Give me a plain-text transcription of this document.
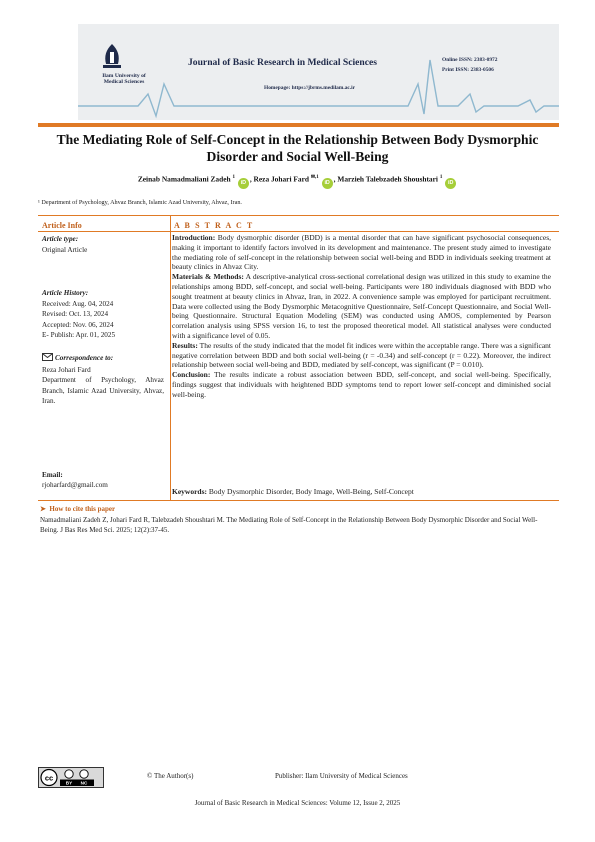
Ilam University of Medical Sciences
Journal of Basic Research in Medical Sciences
Homepage: https://jbrms.medilam.ac.ir
Online ISSN: 2383-0972
Print ISSN: 2383-0506
The Mediating Role of Self-Concept in the Relationship Between Body Dysmorphic Disorder and Social Well-Being
Zeinab Namadmaliani Zadeh $^1$ iD , Reza Johari Fard $^{✉,1}$ iD , Marzieh Talebzadeh Shoushtari $^1$ iD
¹ Department of Psychology, Ahvaz Branch, Islamic Azad University, Ahvaz, Iran.
Article Info	A B S T R A C T
Article type:
Original Article
Article History:
Received: Aug. 04, 2024
Revised: Oct. 13, 2024
Accepted: Nov. 06, 2024
E- Publish: Apr. 01, 2025
Correspondence to:
Reza Johari Fard
Department of Psychology, Ahvaz Branch, Islamic Azad University, Ahvaz, Iran.
Email:
rjoharfard@gmail.com

Introduction: Body dysmorphic disorder (BDD) is a mental disorder that can have significant psychosocial consequences, making it important to identify factors involved in its development and maintenance. The present study aimed to investigate the mediating role of self-concept in the relationship between social well-being and BDD in individuals seeking treatment at beauty clinics in Ahvaz City.

Materials & Methods: A descriptive-analytical cross-sectional correlational design was utilized in this study to examine the relationships among BDD, self-concept, and social well-being. Participants were 180 individuals diagnosed with BDD who sought treatment at beauty clinics in Ahvaz, Iran, in 2022. A convenience sample was employed for participant recruitment. Data were collected using the Body Dysmorphic Metacognitive Questionnaire, Self-Concept Questionnaire, and Social Well-being Questionnaire. Structural Equation Modeling (SEM) was conducted using AMOS, complemented by Pearson correlation analysis using SPSS version 16, to test the proposed theoretical model. All statistical analyses were conducted with a significance level of 0.05.

Results: The results of the study indicated that the model fit indices were within the acceptable range. There was a significant negative correlation between BDD and both social well-being (r = -0.34) and self-concept (r = 0.22). Moreover, the indirect relationship between social well-being and BDD, mediated by self-concept, was significant (P = 0.010).

Conclusion: The results indicate a robust association between BDD, self-concept, and social well-being. Specifically, findings suggest that individuals with heightened BDD symptoms tend to report lower self-concept and diminished social well-being.

Keywords: Body Dysmorphic Disorder, Body Image, Well-Being, Self-Concept
➤ How to cite this paper
Namadmaliani Zadeh Z, Johari Fard R, Talebzadeh Shoushtari M. The Mediating Role of Self-Concept in the Relationship Between Body Dysmorphic Disorder and Social Well-Being. J Bas Res Med Sci. 2025; 12(2):37-45.
cc
BY NC
© The Author(s)	Publisher: Ilam University of Medical Sciences
Journal of Basic Research in Medical Sciences: Volume 12, Issue 2, 2025
